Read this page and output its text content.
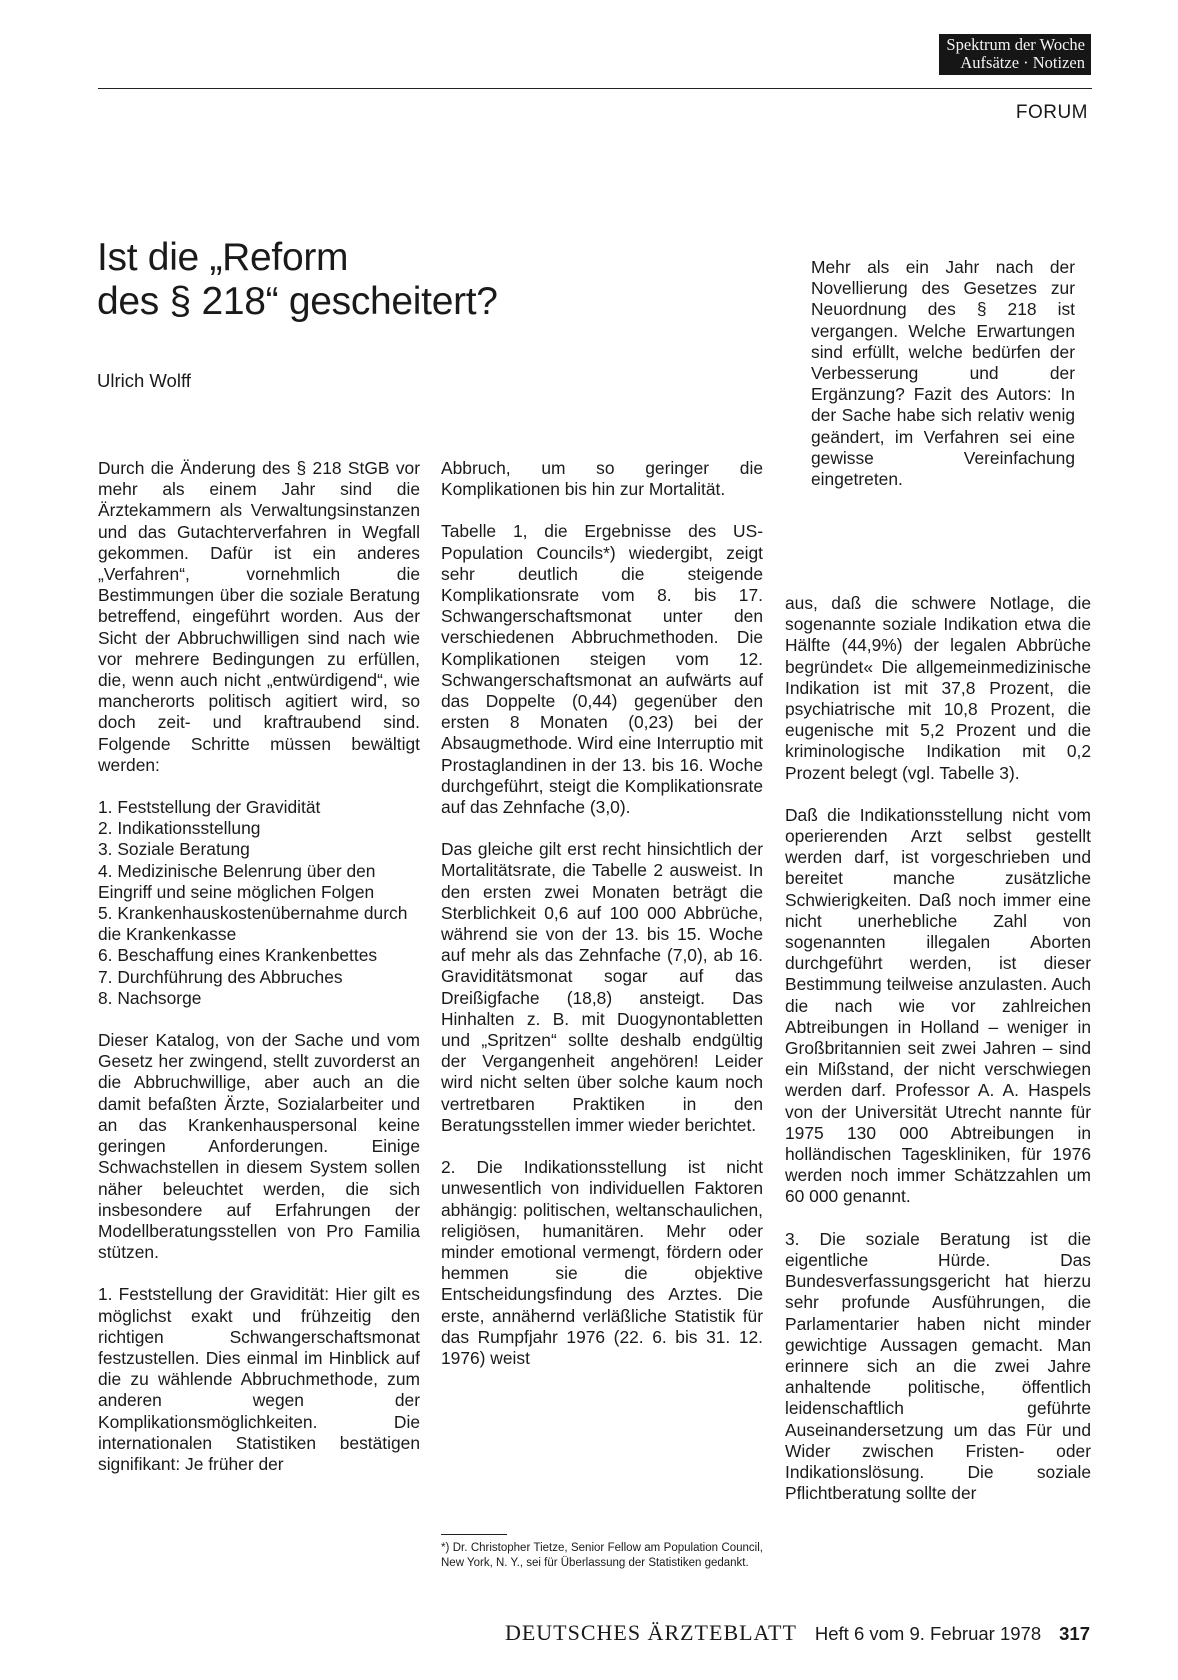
Spektrum der Woche
Aufsätze · Notizen
FORUM
Ist die „Reform
des § 218“ gescheitert?
Ulrich Wolff

Mehr als ein Jahr nach der Novellierung des Gesetzes zur Neuordnung des § 218 ist vergangen. Welche Erwartungen sind erfüllt, welche bedürfen der Verbesserung und der Ergänzung? Fazit des Autors: In der Sache habe sich relativ wenig geändert, im Verfahren sei eine gewisse Vereinfachung eingetreten.

Durch die Änderung des § 218 StGB vor mehr als einem Jahr sind die Ärztekammern als Verwaltungsinstanzen und das Gutachterverfahren in Wegfall gekommen. Dafür ist ein anderes „Verfahren“, vornehmlich die Bestimmungen über die soziale Beratung betreffend, eingeführt worden. Aus der Sicht der Abbruchwilligen sind nach wie vor mehrere Bedingungen zu erfüllen, die, wenn auch nicht „entwürdigend“, wie mancherorts politisch agitiert wird, so doch zeit- und kraftraubend sind. Folgende Schritte müssen bewältigt werden:

1. Feststellung der Gravidität
2. Indikationsstellung
3. Soziale Beratung
4. Medizinische Belenrung über den Eingriff und seine möglichen Folgen
5. Krankenhauskostenübernahme durch die Krankenkasse
6. Beschaffung eines Krankenbettes
7. Durchführung des Abbruches
8. Nachsorge

Dieser Katalog, von der Sache und vom Gesetz her zwingend, stellt zuvorderst an die Abbruchwillige, aber auch an die damit befaßten Ärzte, Sozialarbeiter und an das Krankenhauspersonal keine geringen Anforderungen. Einige Schwachstellen in diesem System sollen näher beleuchtet werden, die sich insbesondere auf Erfahrungen der Modellberatungsstellen von Pro Familia stützen.

1. Feststellung der Gravidität: Hier gilt es möglichst exakt und frühzeitig den richtigen Schwangerschaftsmonat festzustellen. Dies einmal im Hinblick auf die zu wählende Abbruchmethode, zum anderen wegen der Komplikationsmöglichkeiten. Die internationalen Statistiken bestätigen signifikant: Je früher der

Abbruch, um so geringer die Komplikationen bis hin zur Mortalität.

Tabelle 1, die Ergebnisse des US-Population Councils*) wiedergibt, zeigt sehr deutlich die steigende Komplikationsrate vom 8. bis 17. Schwangerschaftsmonat unter den verschiedenen Abbruchmethoden. Die Komplikationen steigen vom 12. Schwangerschaftsmonat an aufwärts auf das Doppelte (0,44) gegenüber den ersten 8 Monaten (0,23) bei der Absaugmethode. Wird eine Interruptio mit Prostaglandinen in der 13. bis 16. Woche durchgeführt, steigt die Komplikationsrate auf das Zehnfache (3,0).

Das gleiche gilt erst recht hinsichtlich der Mortalitätsrate, die Tabelle 2 ausweist. In den ersten zwei Monaten beträgt die Sterblichkeit 0,6 auf 100 000 Abbrüche, während sie von der 13. bis 15. Woche auf mehr als das Zehnfache (7,0), ab 16. Graviditätsmonat sogar auf das Dreißigfache (18,8) ansteigt. Das Hinhalten z. B. mit Duogynontabletten und „Spritzen“ sollte deshalb endgültig der Vergangenheit angehören! Leider wird nicht selten über solche kaum noch vertretbaren Praktiken in den Beratungsstellen immer wieder berichtet.

2. Die Indikationsstellung ist nicht unwesentlich von individuellen Faktoren abhängig: politischen, weltanschaulichen, religiösen, humanitären. Mehr oder minder emotional vermengt, fördern oder hemmen sie die objektive Entscheidungsfindung des Arztes. Die erste, annähernd verläßliche Statistik für das Rumpfjahr 1976 (22. 6. bis 31. 12. 1976) weist

*) Dr. Christopher Tietze, Senior Fellow am Population Council, New York, N. Y., sei für Überlassung der Statistiken gedankt.

aus, daß die schwere Notlage, die sogenannte soziale Indikation etwa die Hälfte (44,9%) der legalen Abbrüche begründet« Die allgemeinmedizinische Indikation ist mit 37,8 Prozent, die psychiatrische mit 10,8 Prozent, die eugenische mit 5,2 Prozent und die kriminologische Indikation mit 0,2 Prozent belegt (vgl. Tabelle 3).

Daß die Indikationsstellung nicht vom operierenden Arzt selbst gestellt werden darf, ist vorgeschrieben und bereitet manche zusätzliche Schwierigkeiten. Daß noch immer eine nicht unerhebliche Zahl von sogenannten illegalen Aborten durchgeführt werden, ist dieser Bestimmung teilweise anzulasten. Auch die nach wie vor zahlreichen Abtreibungen in Holland – weniger in Großbritannien seit zwei Jahren – sind ein Mißstand, der nicht verschwiegen werden darf. Professor A. A. Haspels von der Universität Utrecht nannte für 1975 130 000 Abtreibungen in holländischen Tageskliniken, für 1976 werden noch immer Schätzzahlen um 60 000 genannt.

3. Die soziale Beratung ist die eigentliche Hürde. Das Bundesverfassungsgericht hat hierzu sehr profunde Ausführungen, die Parlamentarier haben nicht minder gewichtige Aussagen gemacht. Man erinnere sich an die zwei Jahre anhaltende politische, öffentlich leidenschaftlich geführte Auseinandersetzung um das Für und Wider zwischen Fristen- oder Indikationslösung. Die soziale Pflichtberatung sollte der

DEUTSCHES ÄRZTEBLATT Heft 6 vom 9. Februar 1978 317
